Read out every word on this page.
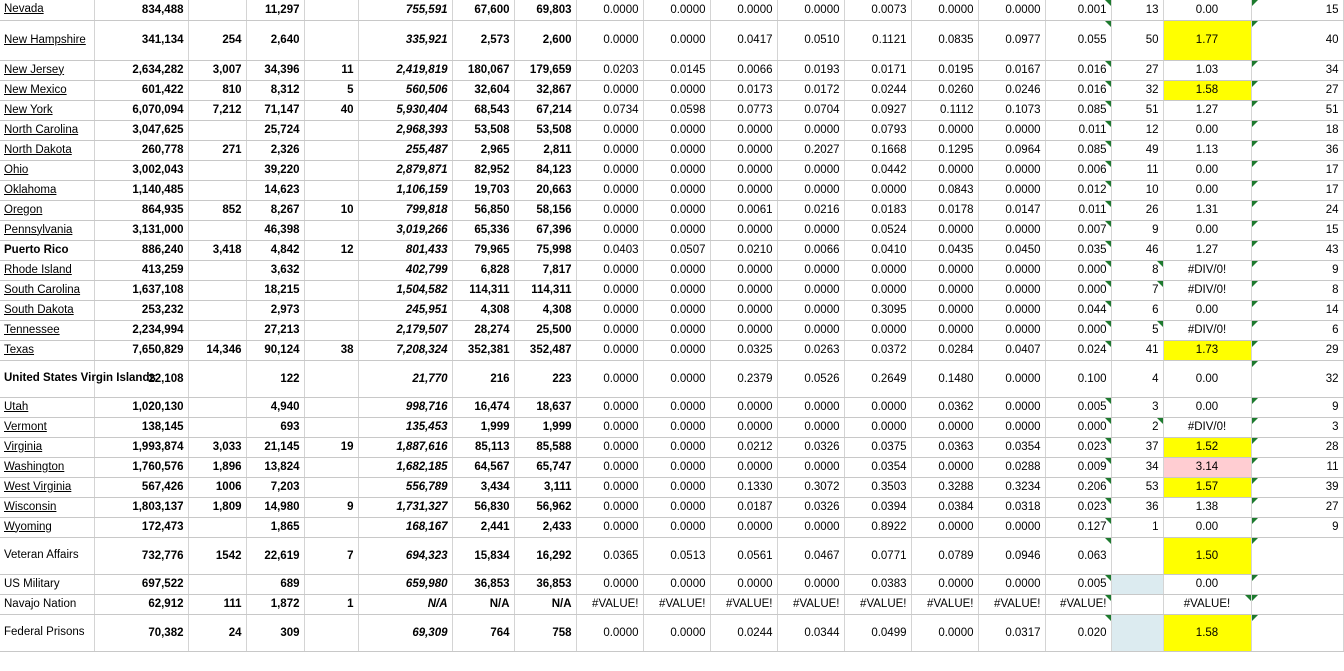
Nevada	834,488		11,297		755,591	67,600	69,803	0.0000	0.0000	0.0000	0.0000	0.0073	0.0000	0.0000	0.001	13	0.00	15
New Hampshire	341,134	254	2,640		335,921	2,573	2,600	0.0000	0.0000	0.0417	0.0510	0.1121	0.0835	0.0977	0.055	50	1.77	40
New Jersey	2,634,282	3,007	34,396	11	2,419,819	180,067	179,659	0.0203	0.0145	0.0066	0.0193	0.0171	0.0195	0.0167	0.016	27	1.03	34
New Mexico	601,422	810	8,312	5	560,506	32,604	32,867	0.0000	0.0000	0.0173	0.0172	0.0244	0.0260	0.0246	0.016	32	1.58	27
New York	6,070,094	7,212	71,147	40	5,930,404	68,543	67,214	0.0734	0.0598	0.0773	0.0704	0.0927	0.1112	0.1073	0.085	51	1.27	51
North Carolina	3,047,625		25,724		2,968,393	53,508	53,508	0.0000	0.0000	0.0000	0.0000	0.0793	0.0000	0.0000	0.011	12	0.00	18
North Dakota	260,778	271	2,326		255,487	2,965	2,811	0.0000	0.0000	0.0000	0.2027	0.1668	0.1295	0.0964	0.085	49	1.13	36
Ohio	3,002,043		39,220		2,879,871	82,952	84,123	0.0000	0.0000	0.0000	0.0000	0.0442	0.0000	0.0000	0.006	11	0.00	17
Oklahoma	1,140,485		14,623		1,106,159	19,703	20,663	0.0000	0.0000	0.0000	0.0000	0.0000	0.0843	0.0000	0.012	10	0.00	17
Oregon	864,935	852	8,267	10	799,818	56,850	58,156	0.0000	0.0000	0.0061	0.0216	0.0183	0.0178	0.0147	0.011	26	1.31	24
Pennsylvania	3,131,000		46,398		3,019,266	65,336	67,396	0.0000	0.0000	0.0000	0.0000	0.0524	0.0000	0.0000	0.007	9	0.00	15
Puerto Rico	886,240	3,418	4,842	12	801,433	79,965	75,998	0.0403	0.0507	0.0210	0.0066	0.0410	0.0435	0.0450	0.035	46	1.27	43
Rhode Island	413,259		3,632		402,799	6,828	7,817	0.0000	0.0000	0.0000	0.0000	0.0000	0.0000	0.0000	0.000	8	#DIV/0!	9
South Carolina	1,637,108		18,215		1,504,582	114,311	114,311	0.0000	0.0000	0.0000	0.0000	0.0000	0.0000	0.0000	0.000	7	#DIV/0!	8
South Dakota	253,232		2,973		245,951	4,308	4,308	0.0000	0.0000	0.0000	0.0000	0.3095	0.0000	0.0000	0.044	6	0.00	14
Tennessee	2,234,994		27,213		2,179,507	28,274	25,500	0.0000	0.0000	0.0000	0.0000	0.0000	0.0000	0.0000	0.000	5	#DIV/0!	6
Texas	7,650,829	14,346	90,124	38	7,208,324	352,381	352,487	0.0000	0.0000	0.0325	0.0263	0.0372	0.0284	0.0407	0.024	41	1.73	29
United States Virgin Islands	22,108		122		21,770	216	223	0.0000	0.0000	0.2379	0.0526	0.2649	0.1480	0.0000	0.100	4	0.00	32
Utah	1,020,130		4,940		998,716	16,474	18,637	0.0000	0.0000	0.0000	0.0000	0.0000	0.0362	0.0000	0.005	3	0.00	9
Vermont	138,145		693		135,453	1,999	1,999	0.0000	0.0000	0.0000	0.0000	0.0000	0.0000	0.0000	0.000	2	#DIV/0!	3
Virginia	1,993,874	3,033	21,145	19	1,887,616	85,113	85,588	0.0000	0.0000	0.0212	0.0326	0.0375	0.0363	0.0354	0.023	37	1.52	28
Washington	1,760,576	1,896	13,824		1,682,185	64,567	65,747	0.0000	0.0000	0.0000	0.0000	0.0354	0.0000	0.0288	0.009	34	3.14	11
West Virginia	567,426	1006	7,203		556,789	3,434	3,111	0.0000	0.0000	0.1330	0.3072	0.3503	0.3288	0.3234	0.206	53	1.57	39
Wisconsin	1,803,137	1,809	14,980	9	1,731,327	56,830	56,962	0.0000	0.0000	0.0187	0.0326	0.0394	0.0384	0.0318	0.023	36	1.38	27
Wyoming	172,473		1,865		168,167	2,441	2,433	0.0000	0.0000	0.0000	0.0000	0.8922	0.0000	0.0000	0.127	1	0.00	9
Veteran Affairs	732,776	1542	22,619	7	694,323	15,834	16,292	0.0365	0.0513	0.0561	0.0467	0.0771	0.0789	0.0946	0.063		1.50	
US Military	697,522		689		659,980	36,853	36,853	0.0000	0.0000	0.0000	0.0000	0.0383	0.0000	0.0000	0.005		0.00	
Navajo Nation	62,912	111	1,872	1	N/A	N/A	N/A	#VALUE!	#VALUE!	#VALUE!	#VALUE!	#VALUE!	#VALUE!	#VALUE!	#VALUE!		#VALUE!	
Federal Prisons	70,382	24	309		69,309	764	758	0.0000	0.0000	0.0244	0.0344	0.0499	0.0000	0.0317	0.020		1.58	
